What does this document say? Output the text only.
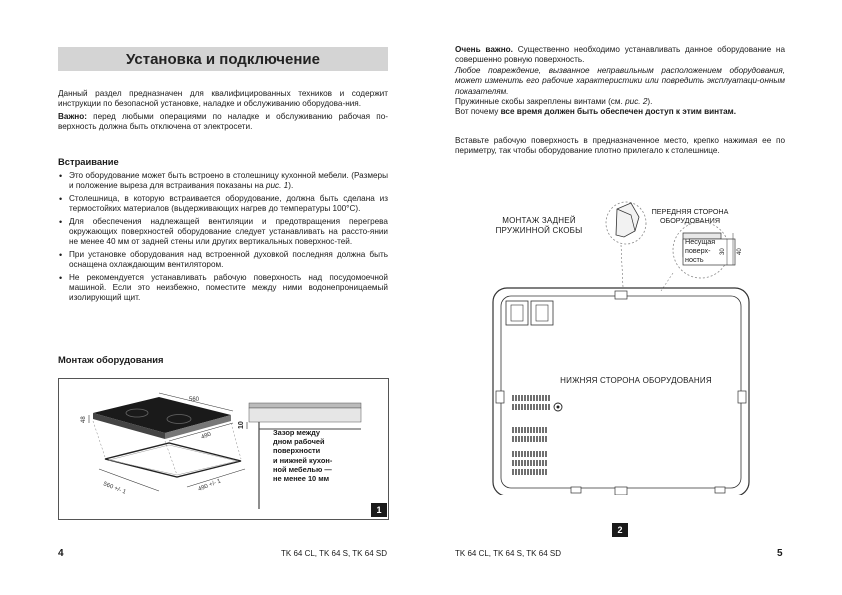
Установка и подключение

Данный раздел предназначен для квалифицированных техников и содержит инструкции по безопасной установке, наладке и обслуживанию оборудова-ния.

Важно: перед любыми операциями по наладке и обслуживанию рабочая по-верхность должна быть отключена от электросети.

Встраивание
• Это оборудование может быть встроено в столешницу кухонной мебели. (Размеры и положение выреза для встраивания показаны на рис. 1).
• Столешница, в которую встраивается оборудование, должна быть сделана из термостойких материалов (выдерживающих нагрев до температуры 100°С).
• Для обеспечения надлежащей вентиляции и предотвращения перегрева окружающих поверхностей оборудование следует устанавливать на рассто-янии не менее 40 мм от задней стены или других вертикальных поверхнос-тей.
• При установке оборудования над встроенной духовкой последняя должна быть оснащена охлаждающим вентилятором.
• Не рекомендуется устанавливать рабочую поверхность над посудомоечной машиной. Если это неизбежно, поместите между ними водонепроницаемый изолирующий щит.
Монтаж оборудования
560
490
48
560 +/- 1	490 +/- 1
10
Зазор между
дном рабочей
поверхности
и нижней кухон-
ной мебелью —
не менее 10 мм
1
4	TK 64 CL, TK 64 S, TK 64 SD

Очень важно. Существенно необходимо устанавливать данное оборудование на совершенно ровную поверхность.

Любое повреждение, вызванное неправильным расположением оборудования, может изменить его рабочие характеристики или повредить эксплуатаци-онным показателям.

Пружинные скобы закреплены винтами (см. рис. 2).

Вот почему все время должен быть обеспечен доступ к этим винтам.

Вставьте рабочую поверхность в предназначенное место, крепко нажимая ее по периметру, так чтобы оборудование плотно прилегало к столешнице.
МОНТАЖ ЗАДНЕЙ
ПРУЖИННОЙ СКОБЫ
ПЕРЕДНЯЯ СТОРОНА
ОБОРУДОВАНИЯ
30 40
Несущая
поверх-
ность
НИЖНЯЯ СТОРОНА ОБОРУДОВАНИЯ
2
TK 64 CL, TK 64 S, TK 64 SD	5
